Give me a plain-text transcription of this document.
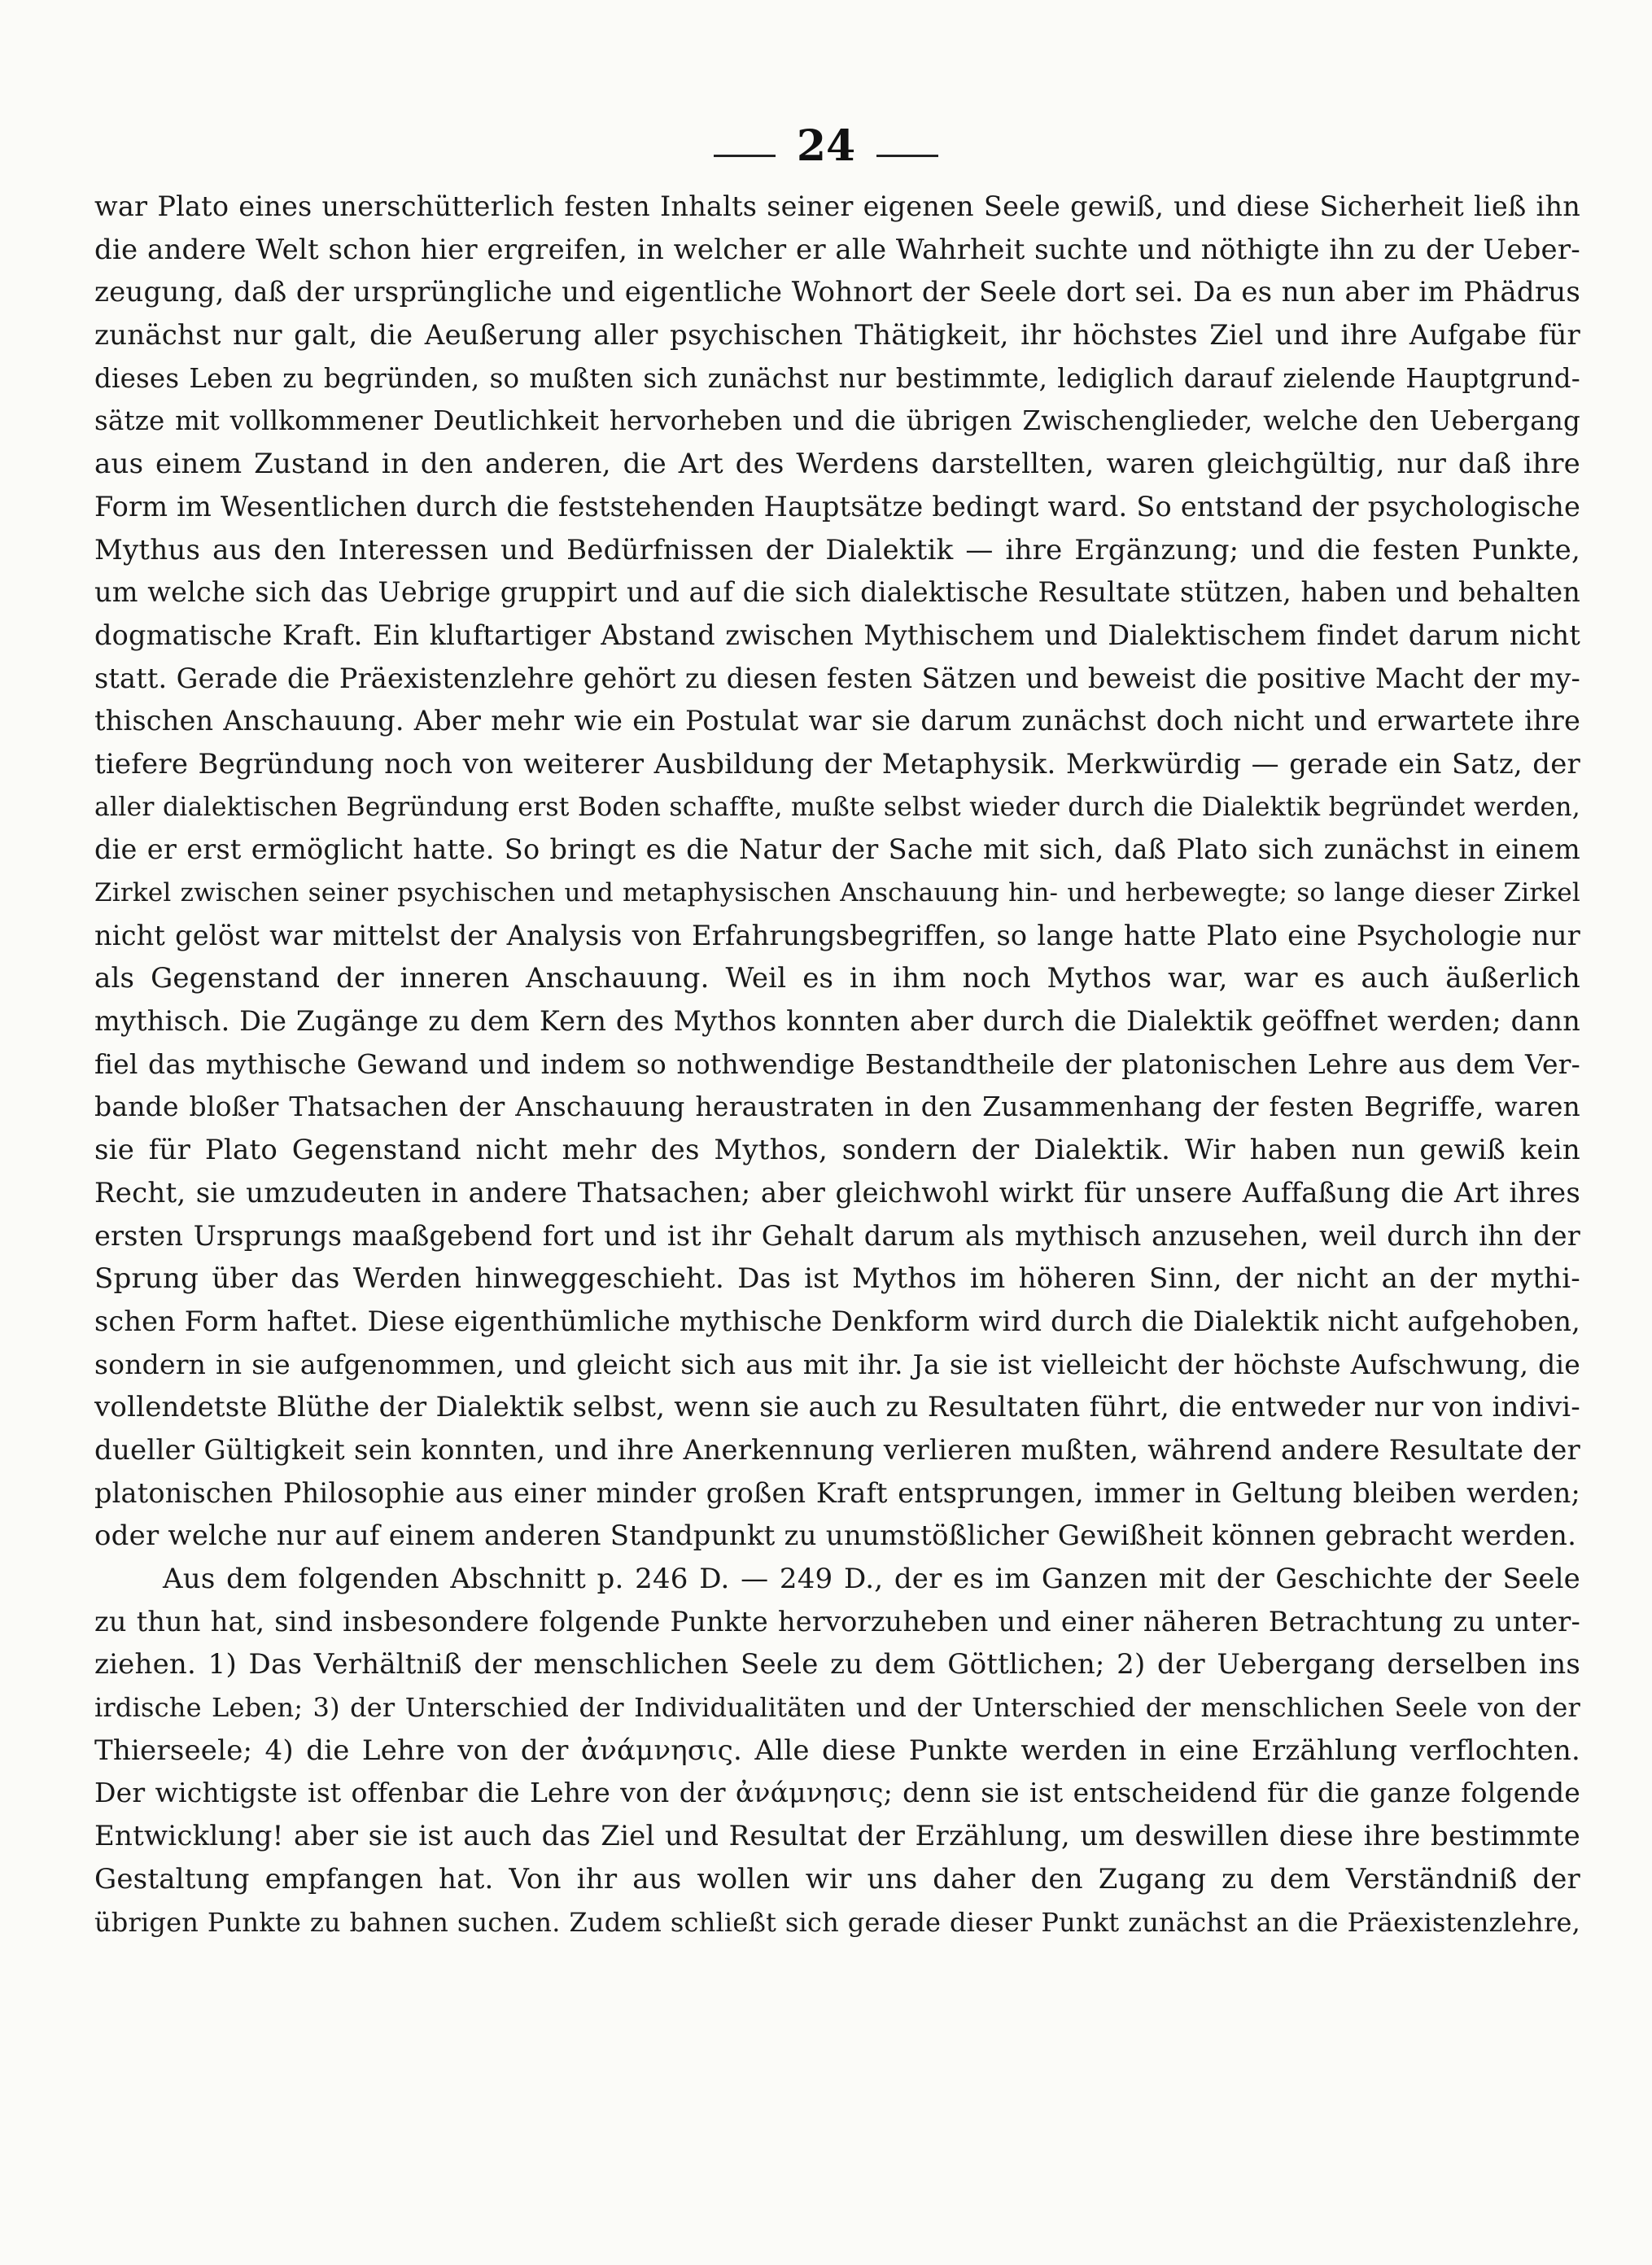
24
war Plato eines unerschütterlich festen Inhalts seiner eigenen Seele gewiß, und diese Sicherheit ließ ihn
die andere Welt schon hier ergreifen, in welcher er alle Wahrheit suchte und nöthigte ihn zu der Ueber-
zeugung, daß der ursprüngliche und eigentliche Wohnort der Seele dort sei. Da es nun aber im Phädrus
zunächst nur galt, die Aeußerung aller psychischen Thätigkeit, ihr höchstes Ziel und ihre Aufgabe für
dieses Leben zu begründen, so mußten sich zunächst nur bestimmte, lediglich darauf zielende Hauptgrund-
sätze mit vollkommener Deutlichkeit hervorheben und die übrigen Zwischenglieder, welche den Uebergang
aus einem Zustand in den anderen, die Art des Werdens darstellten, waren gleichgültig, nur daß ihre
Form im Wesentlichen durch die feststehenden Hauptsätze bedingt ward. So entstand der psychologische
Mythus aus den Interessen und Bedürfnissen der Dialektik — ihre Ergänzung; und die festen Punkte,
um welche sich das Uebrige gruppirt und auf die sich dialektische Resultate stützen, haben und behalten
dogmatische Kraft. Ein kluftartiger Abstand zwischen Mythischem und Dialektischem findet darum nicht
statt. Gerade die Präexistenzlehre gehört zu diesen festen Sätzen und beweist die positive Macht der my-
thischen Anschauung. Aber mehr wie ein Postulat war sie darum zunächst doch nicht und erwartete ihre
tiefere Begründung noch von weiterer Ausbildung der Metaphysik. Merkwürdig — gerade ein Satz, der
aller dialektischen Begründung erst Boden schaffte, mußte selbst wieder durch die Dialektik begründet werden,
die er erst ermöglicht hatte. So bringt es die Natur der Sache mit sich, daß Plato sich zunächst in einem
Zirkel zwischen seiner psychischen und metaphysischen Anschauung hin- und herbewegte; so lange dieser Zirkel
nicht gelöst war mittelst der Analysis von Erfahrungsbegriffen, so lange hatte Plato eine Psychologie nur
als Gegenstand der inneren Anschauung. Weil es in ihm noch Mythos war, war es auch äußerlich
mythisch. Die Zugänge zu dem Kern des Mythos konnten aber durch die Dialektik geöffnet werden; dann
fiel das mythische Gewand und indem so nothwendige Bestandtheile der platonischen Lehre aus dem Ver-
bande bloßer Thatsachen der Anschauung heraustraten in den Zusammenhang der festen Begriffe, waren
sie für Plato Gegenstand nicht mehr des Mythos, sondern der Dialektik. Wir haben nun gewiß kein
Recht, sie umzudeuten in andere Thatsachen; aber gleichwohl wirkt für unsere Auffaßung die Art ihres
ersten Ursprungs maaßgebend fort und ist ihr Gehalt darum als mythisch anzusehen, weil durch ihn der
Sprung über das Werden hinweggeschieht. Das ist Mythos im höheren Sinn, der nicht an der mythi-
schen Form haftet. Diese eigenthümliche mythische Denkform wird durch die Dialektik nicht aufgehoben,
sondern in sie aufgenommen, und gleicht sich aus mit ihr. Ja sie ist vielleicht der höchste Aufschwung, die
vollendetste Blüthe der Dialektik selbst, wenn sie auch zu Resultaten führt, die entweder nur von indivi-
dueller Gültigkeit sein konnten, und ihre Anerkennung verlieren mußten, während andere Resultate der
platonischen Philosophie aus einer minder großen Kraft entsprungen, immer in Geltung bleiben werden;
oder welche nur auf einem anderen Standpunkt zu unumstößlicher Gewißheit können gebracht werden.
Aus dem folgenden Abschnitt p. 246 D. — 249 D., der es im Ganzen mit der Geschichte der Seele
zu thun hat, sind insbesondere folgende Punkte hervorzuheben und einer näheren Betrachtung zu unter-
ziehen. 1) Das Verhältniß der menschlichen Seele zu dem Göttlichen; 2) der Uebergang derselben ins
irdische Leben; 3) der Unterschied der Individualitäten und der Unterschied der menschlichen Seele von der
Thierseele; 4) die Lehre von der ἀνάμνησις. Alle diese Punkte werden in eine Erzählung verflochten.
Der wichtigste ist offenbar die Lehre von der ἀνάμνησις; denn sie ist entscheidend für die ganze folgende
Entwicklung! aber sie ist auch das Ziel und Resultat der Erzählung, um deswillen diese ihre bestimmte
Gestaltung empfangen hat. Von ihr aus wollen wir uns daher den Zugang zu dem Verständniß der
übrigen Punkte zu bahnen suchen. Zudem schließt sich gerade dieser Punkt zunächst an die Präexistenzlehre,
